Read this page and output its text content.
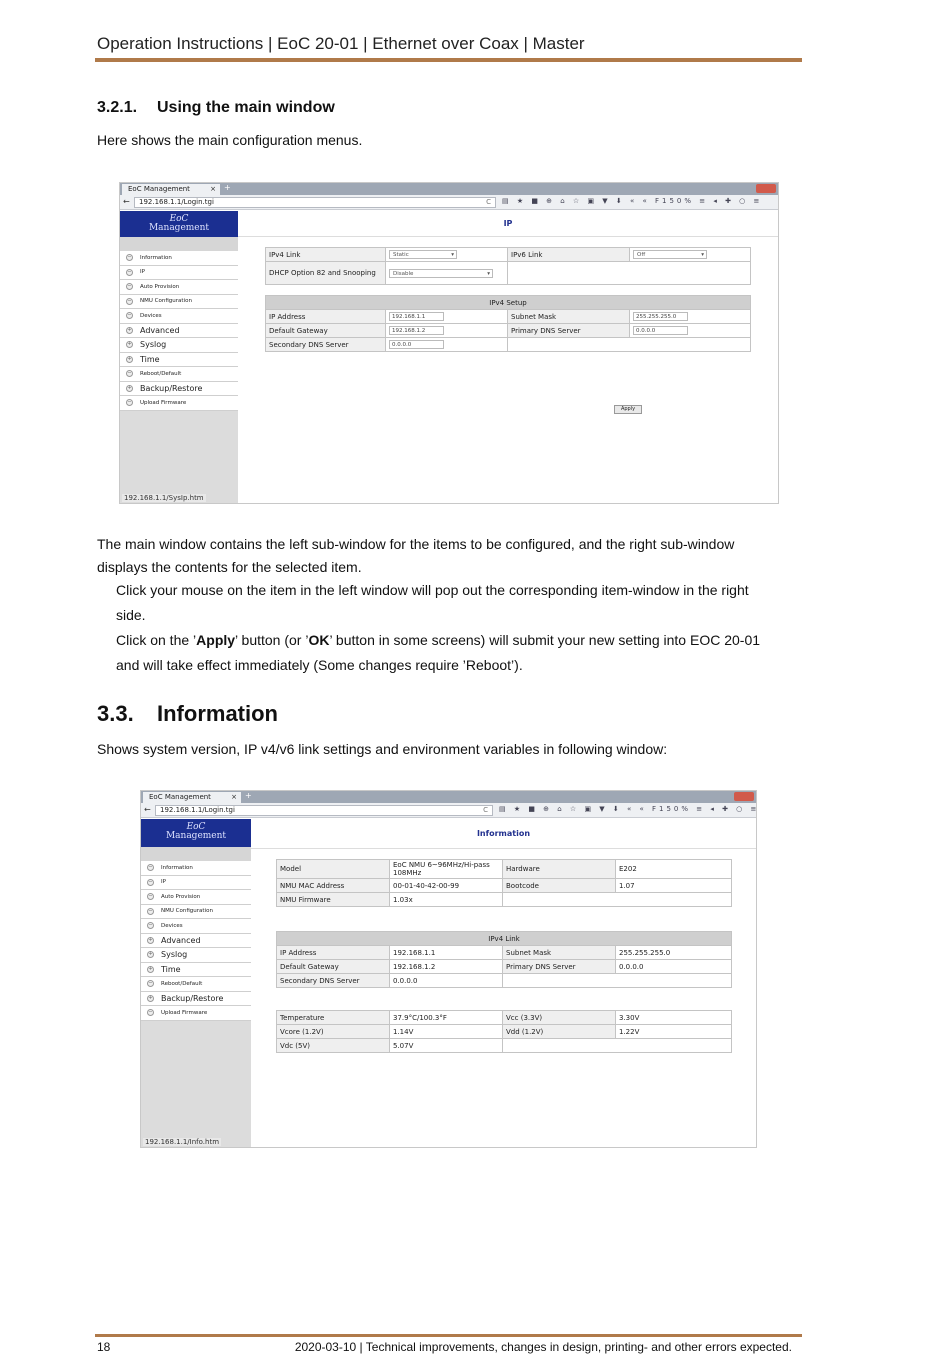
Operation Instructions | EoC 20-01 | Ethernet over Coax | Master
3.2.1. Using the main window
Here shows the main configuration menus.
EoC Management	× +
←	192.168.1.1/Login.tgi	C ▤ ★ ■ ⊕ ⌂ ☆ ▣ ▼ ⬇ « « F150% ≡ ◂ ✚ ○ ≡
EoC
Management
− Information
− IP
− Auto Provision
− NMU Configuration
− Devices
+ Advanced
+ Syslog
+ Time
− Reboot/Default
+ Backup/Restore
− Upload Firmware
192.168.1.1/SysIp.htm
IP
IPv4 Link	Static ▾	IPv6 Link	Off ▾

DHCP Option 82 and Snooping	Disable ▾		

IPv4 Setup			
IP Address	192.168.1.1	Subnet Mask	255.255.255.0
Default Gateway	192.168.1.2	Primary DNS Server	0.0.0.0
Secondary DNS Server	0.0.0.0		
Apply
The main window contains the left sub-window for the items to be configured, and the right sub-window
displays the contents for the selected item.
Click your mouse on the item in the left window will pop out the corresponding item-window in the right
side.
Click on the ’Apply’ button (or ’OK’ button in some screens) will submit your new setting into EOC 20-01
and will take effect immediately (Some changes require ’Reboot’).
3.3. Information
Shows system version, IP v4/v6 link settings and environment variables in following window:
EoC Management	× +
←	192.168.1.1/Login.tgi	C ▤ ★ ■ ⊕ ⌂ ☆ ▣ ▼ ⬇ « « F150% ≡ ◂ ✚ ○ ≡
EoC
Management
− Information
− IP
− Auto Provision
− NMU Configuration
− Devices
+ Advanced
+ Syslog
+ Time
− Reboot/Default
+ Backup/Restore
− Upload Firmware
192.168.1.1/Info.htm
Information
Model	EoC NMU 6~96MHz/Hi-pass 108MHz	Hardware	E202
NMU MAC Address	00-01-40-42-00-99	Bootcode	1.07
NMU Firmware	1.03x		
IPv4 Link			
IP Address	192.168.1.1	Subnet Mask	255.255.255.0
Default Gateway	192.168.1.2	Primary DNS Server	0.0.0.0
Secondary DNS Server	0.0.0.0		
Temperature	37.9°C/100.3°F	Vcc (3.3V)	3.30V
Vcore (1.2V)	1.14V	Vdd (1.2V)	1.22V
Vdc (5V)	5.07V		
18	2020-03-10 | Technical improvements, changes in design, printing- and other errors expected.
